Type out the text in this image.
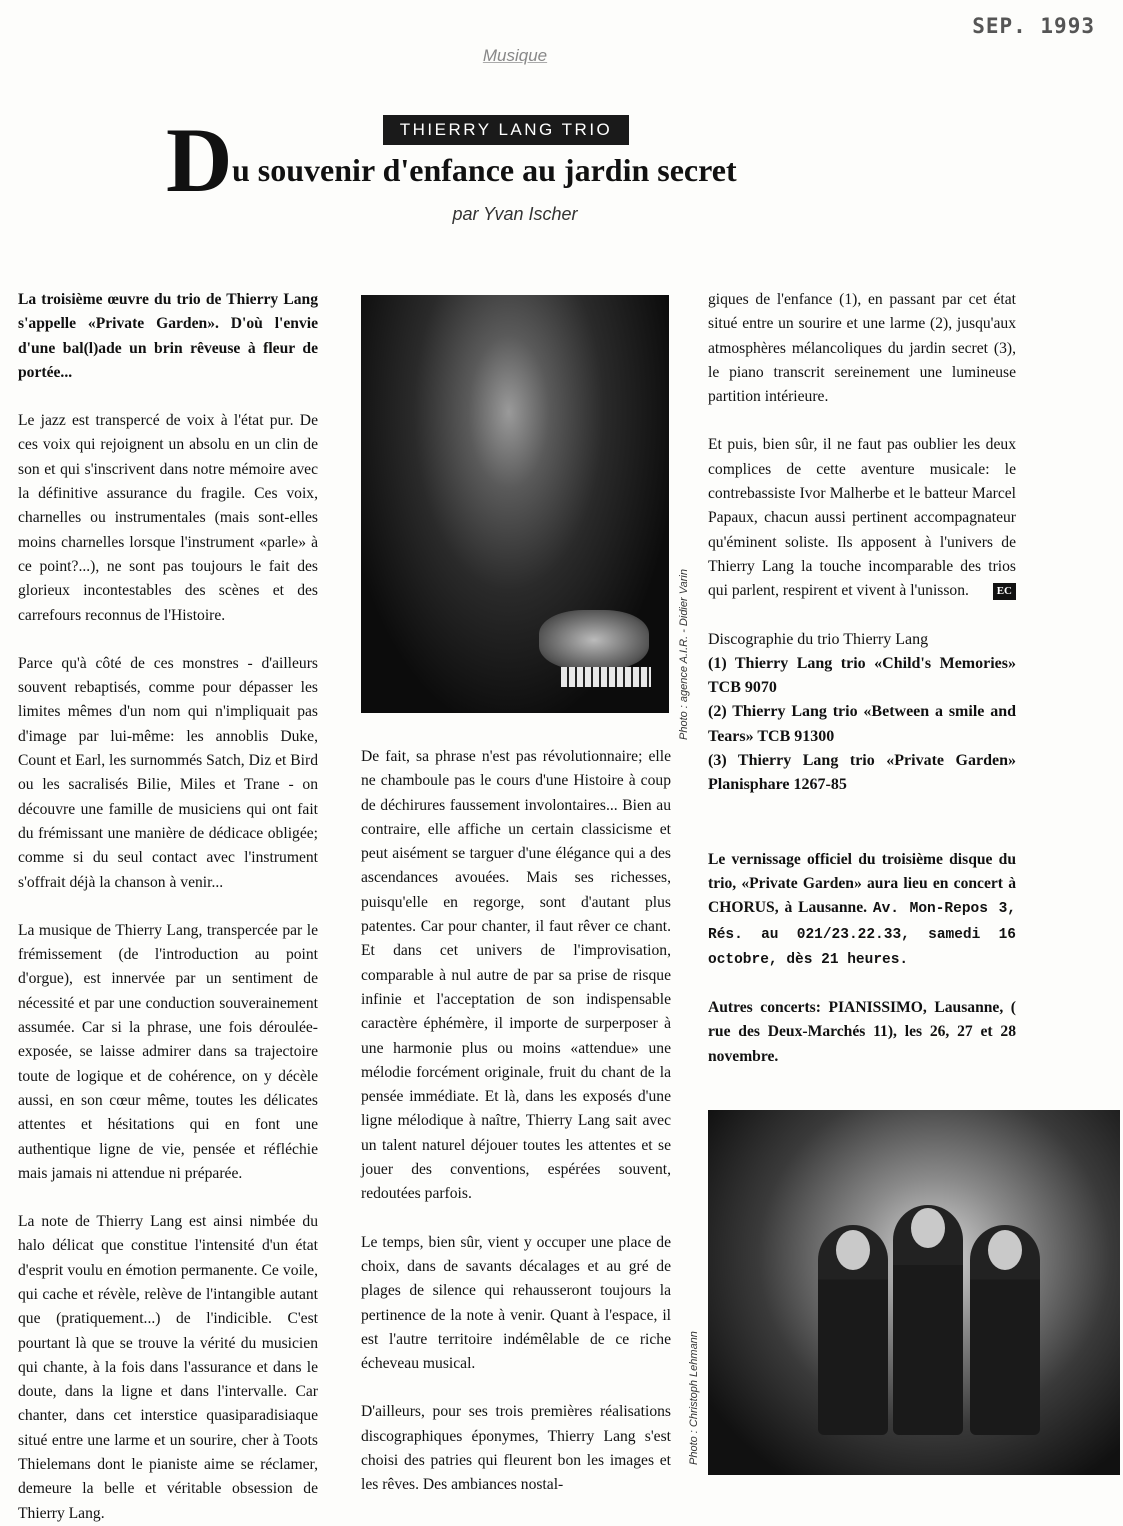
SEP. 1993
Musique
THIERRY LANG TRIO
D u souvenir d'enfance au jardin secret
par Yvan Ischer

La troisième œuvre du trio de Thierry Lang s'appelle «Private Garden». D'où l'envie d'une bal(l)ade un brin rêveuse à fleur de portée...

Le jazz est transpercé de voix à l'état pur. De ces voix qui rejoignent un absolu en un clin de son et qui s'inscrivent dans notre mémoire avec la définitive assurance du fragile. Ces voix, charnelles ou instrumentales (mais sont-elles moins charnelles lorsque l'instrument «parle» à ce point?...), ne sont pas toujours le fait des glorieux incontestables des scènes et des carrefours reconnus de l'Histoire.

Parce qu'à côté de ces monstres - d'ailleurs souvent rebaptisés, comme pour dépasser les limites mêmes d'un nom qui n'impliquait pas d'image par lui-même: les annoblis Duke, Count et Earl, les surnommés Satch, Diz et Bird ou les sacralisés Bilie, Miles et Trane - on découvre une famille de musiciens qui ont fait du frémissant une manière de dédicace obligée; comme si du seul contact avec l'instrument s'offrait déjà la chanson à venir...

La musique de Thierry Lang, transpercée par le frémissement (de l'introduction au point d'orgue), est innervée par un sentiment de nécessité et par une conduction souverainement assumée. Car si la phrase, une fois déroulée-exposée, se laisse admirer dans sa trajectoire toute de logique et de cohérence, on y décèle aussi, en son cœur même, toutes les délicates attentes et hésitations qui en font une authentique ligne de vie, pensée et réfléchie mais jamais ni attendue ni préparée.

La note de Thierry Lang est ainsi nimbée du halo délicat que constitue l'intensité d'un état d'esprit voulu en émotion permanente. Ce voile, qui cache et révèle, relève de l'intangible autant que (pratiquement...) de l'indicible. C'est pourtant là que se trouve la vérité du musicien qui chante, à la fois dans l'assurance et dans le doute, dans la ligne et dans l'intervalle. Car chanter, dans cet interstice quasiparadisiaque situé entre une larme et un sourire, cher à Toots Thielemans dont le pianiste aime se réclamer, demeure la belle et véritable obsession de Thierry Lang.

Photo : agence A.I.R. - Didier Varin

De fait, sa phrase n'est pas révolutionnaire; elle ne chamboule pas le cours d'une Histoire à coup de déchirures faussement involontaires... Bien au contraire, elle affiche un certain classicisme et peut aisément se targuer d'une élégance qui a des ascendances avouées. Mais ses richesses, puisqu'elle en regorge, sont d'autant plus patentes. Car pour chanter, il faut rêver ce chant. Et dans cet univers de l'improvisation, comparable à nul autre de par sa prise de risque infinie et l'acceptation de son indispensable caractère éphémère, il importe de surperposer à une harmonie plus ou moins «attendue» une mélodie forcément originale, fruit du chant de la pensée immédiate. Et là, dans les exposés d'une ligne mélodique à naître, Thierry Lang sait avec un talent naturel déjouer toutes les attentes et se jouer des conventions, espérées souvent, redoutées parfois.

Le temps, bien sûr, vient y occuper une place de choix, dans de savants décalages et au gré de plages de silence qui rehausseront toujours la pertinence de la note à venir. Quant à l'espace, il est l'autre territoire indémêlable de ce riche écheveau musical.

D'ailleurs, pour ses trois premières réalisations discographiques éponymes, Thierry Lang s'est choisi des patries qui fleurent bon les images et les rêves. Des ambiances nostal-

giques de l'enfance (1), en passant par cet état situé entre un sourire et une larme (2), jusqu'aux atmosphères mélancoliques du jardin secret (3), le piano transcrit sereinement une lumineuse partition intérieure.

Et puis, bien sûr, il ne faut pas oublier les deux complices de cette aventure musicale: le contrebassiste Ivor Malherbe et le batteur Marcel Papaux, chacun aussi pertinent accompagnateur qu'éminent soliste. Ils apposent à l'univers de Thierry Lang la touche incomparable des trios qui parlent, respirent et vivent à l'unisson.	EC

Discographie du trio Thierry Lang
(1) Thierry Lang trio «Child's Memories» TCB 9070
(2) Thierry Lang trio «Between a smile and Tears» TCB 91300
(3) Thierry Lang trio «Private Garden» Planisphare 1267-85

Le vernissage officiel du troisième disque du trio, «Private Garden» aura lieu en concert à CHORUS, à Lausanne. Av. Mon-Repos 3, Rés. au 021/23.22.33, samedi 16 octobre, dès 21 heures.

Autres concerts: PIANISSIMO, Lausanne, ( rue des Deux-Marchés 11), les 26, 27 et 28 novembre.

Photo : Christoph Lehmann
